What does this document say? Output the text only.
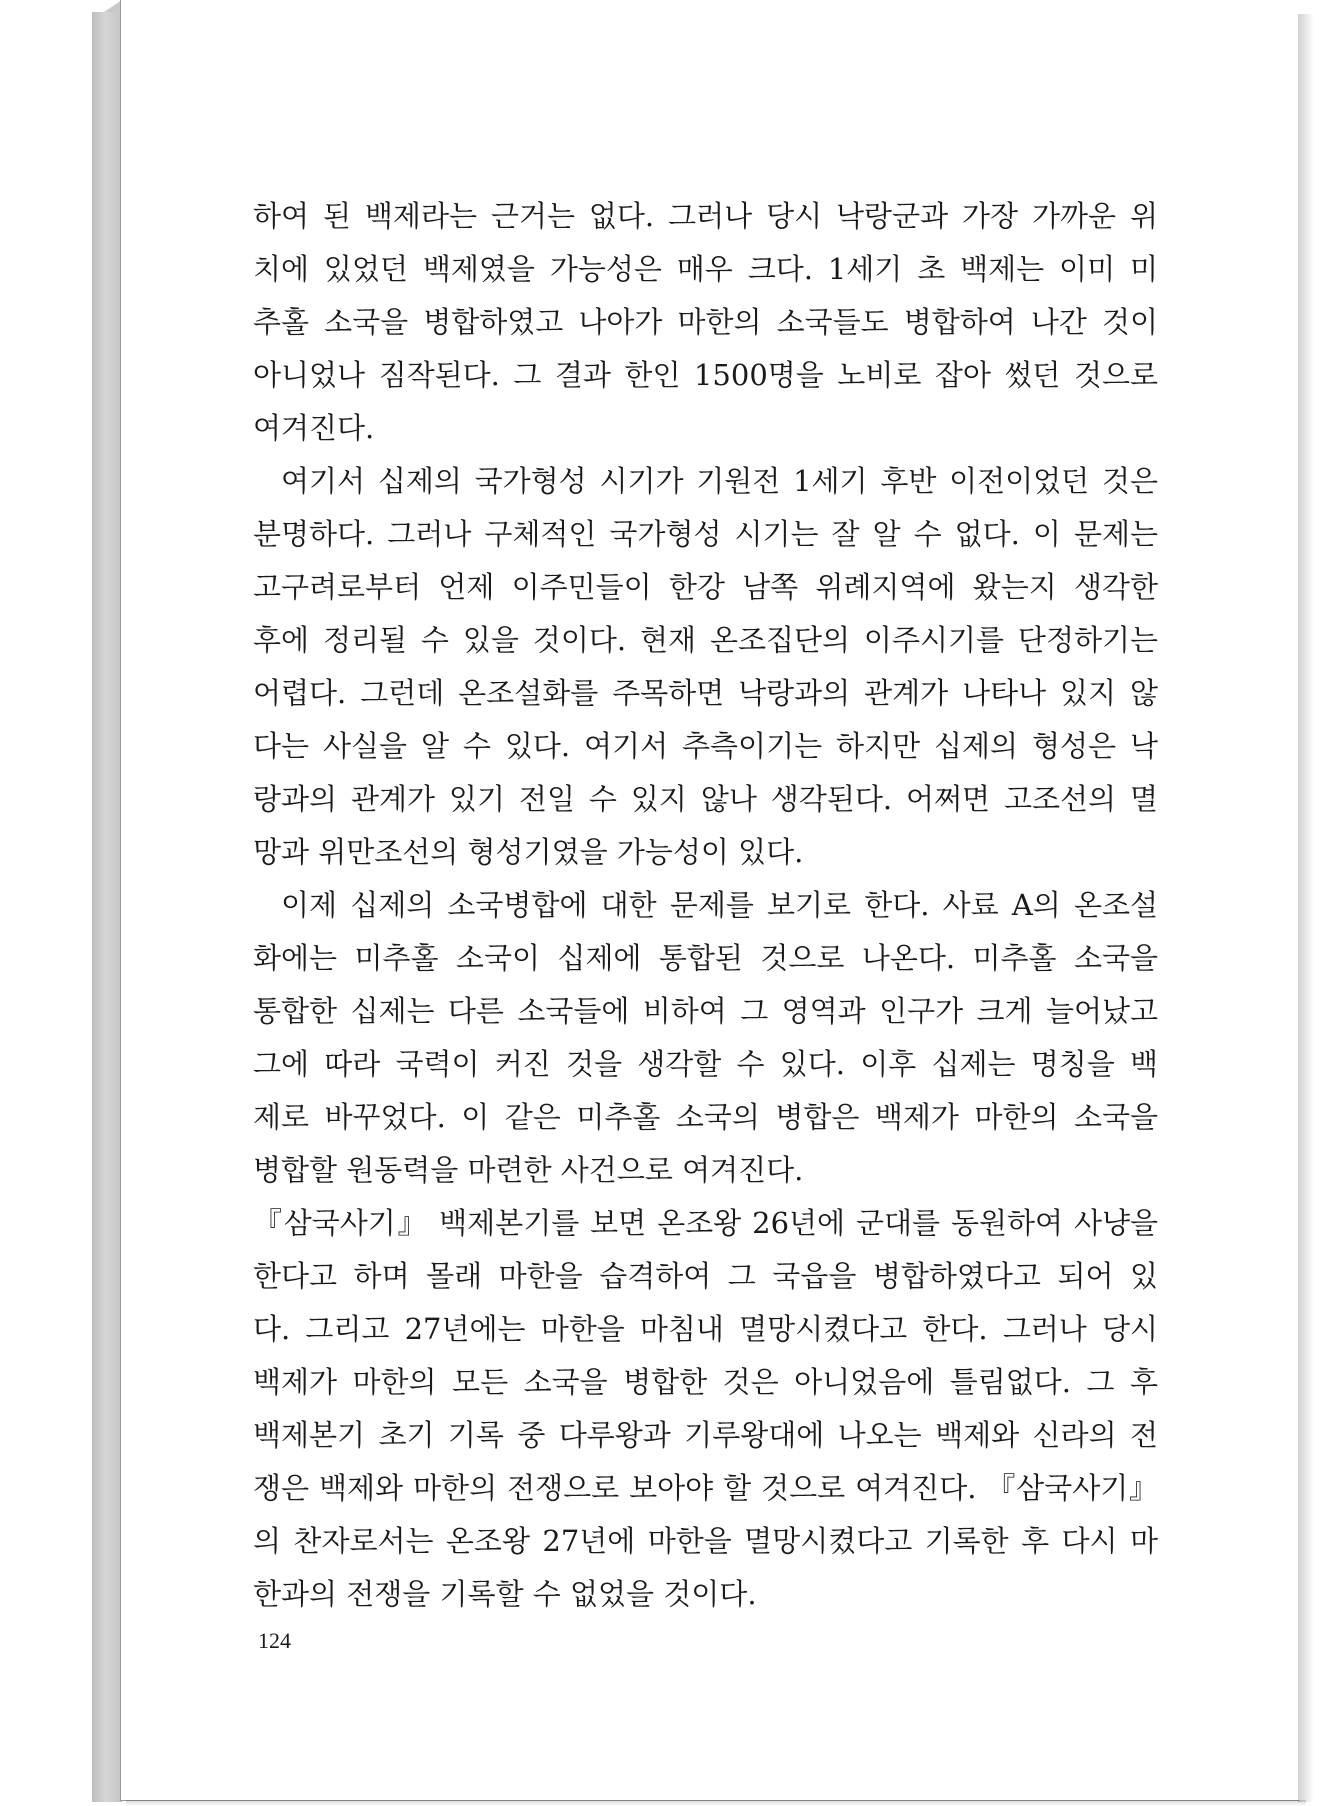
하여 된 백제라는 근거는 없다. 그러나 당시 낙랑군과 가장 가까운 위
치에 있었던 백제였을 가능성은 매우 크다. 1세기 초 백제는 이미 미
추홀 소국을 병합하였고 나아가 마한의 소국들도 병합하여 나간 것이
아니었나 짐작된다. 그 결과 한인 1500명을 노비로 잡아 썼던 것으로
여겨진다.
여기서 십제의 국가형성 시기가 기원전 1세기 후반 이전이었던 것은
분명하다. 그러나 구체적인 국가형성 시기는 잘 알 수 없다. 이 문제는
고구려로부터 언제 이주민들이 한강 남쪽 위례지역에 왔는지 생각한
후에 정리될 수 있을 것이다. 현재 온조집단의 이주시기를 단정하기는
어렵다. 그런데 온조설화를 주목하면 낙랑과의 관계가 나타나 있지 않
다는 사실을 알 수 있다. 여기서 추측이기는 하지만 십제의 형성은 낙
랑과의 관계가 있기 전일 수 있지 않나 생각된다. 어쩌면 고조선의 멸
망과 위만조선의 형성기였을 가능성이 있다.
이제 십제의 소국병합에 대한 문제를 보기로 한다. 사료 A의 온조설
화에는 미추홀 소국이 십제에 통합된 것으로 나온다. 미추홀 소국을
통합한 십제는 다른 소국들에 비하여 그 영역과 인구가 크게 늘어났고
그에 따라 국력이 커진 것을 생각할 수 있다. 이후 십제는 명칭을 백
제로 바꾸었다. 이 같은 미추홀 소국의 병합은 백제가 마한의 소국을
병합할 원동력을 마련한 사건으로 여겨진다.
『삼국사기』 백제본기를 보면 온조왕 26년에 군대를 동원하여 사냥을
한다고 하며 몰래 마한을 습격하여 그 국읍을 병합하였다고 되어 있
다. 그리고 27년에는 마한을 마침내 멸망시켰다고 한다. 그러나 당시
백제가 마한의 모든 소국을 병합한 것은 아니었음에 틀림없다. 그 후
백제본기 초기 기록 중 다루왕과 기루왕대에 나오는 백제와 신라의 전
쟁은 백제와 마한의 전쟁으로 보아야 할 것으로 여겨진다. 『삼국사기』
의 찬자로서는 온조왕 27년에 마한을 멸망시켰다고 기록한 후 다시 마
한과의 전쟁을 기록할 수 없었을 것이다.
124
